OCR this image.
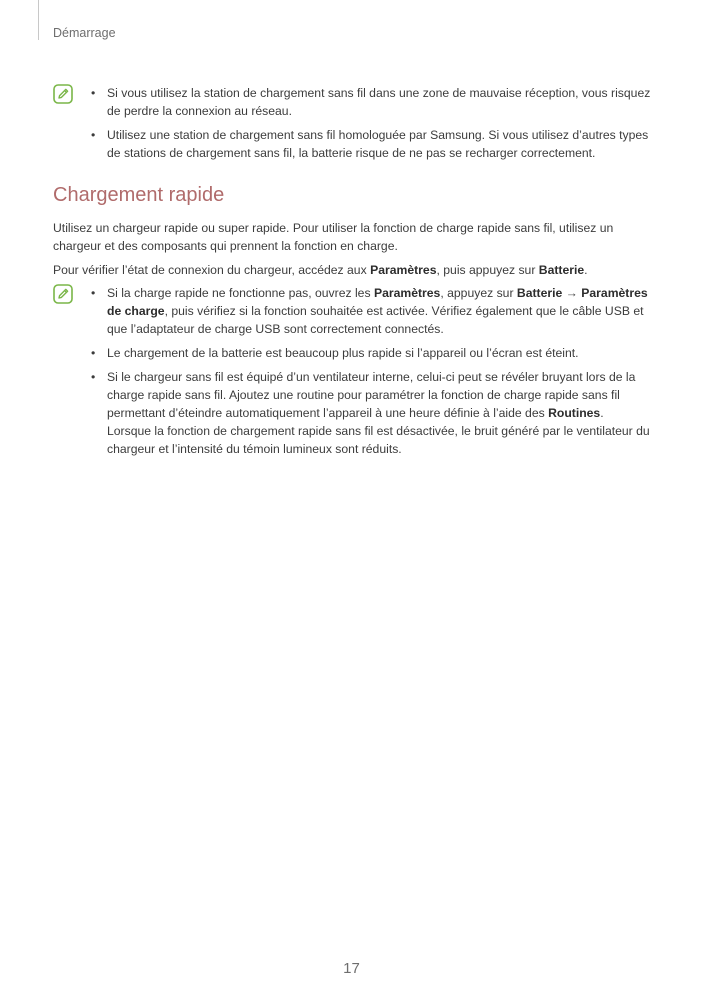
Démarrage
• Si vous utilisez la station de chargement sans fil dans une zone de mauvaise réception, vous risquez de perdre la connexion au réseau.
• Utilisez une station de chargement sans fil homologuée par Samsung. Si vous utilisez d’autres types de stations de chargement sans fil, la batterie risque de ne pas se recharger correctement.
Chargement rapide

Utilisez un chargeur rapide ou super rapide. Pour utiliser la fonction de charge rapide sans fil, utilisez un chargeur et des composants qui prennent la fonction en charge.

Pour vérifier l’état de connexion du chargeur, accédez aux Paramètres, puis appuyez sur Batterie.

• Si la charge rapide ne fonctionne pas, ouvrez les Paramètres, appuyez sur Batterie → Paramètres de charge, puis vérifiez si la fonction souhaitée est activée. Vérifiez également que le câble USB et que l’adaptateur de charge USB sont correctement connectés.
• Le chargement de la batterie est beaucoup plus rapide si l’appareil ou l’écran est éteint.
• Si le chargeur sans fil est équipé d’un ventilateur interne, celui-ci peut se révéler bruyant lors de la charge rapide sans fil. Ajoutez une routine pour paramétrer la fonction de charge rapide sans fil permettant d’éteindre automatiquement l’appareil à une heure définie à l’aide des Routines.
Lorsque la fonction de chargement rapide sans fil est désactivée, le bruit généré par le ventilateur du chargeur et l’intensité du témoin lumineux sont réduits.
17
